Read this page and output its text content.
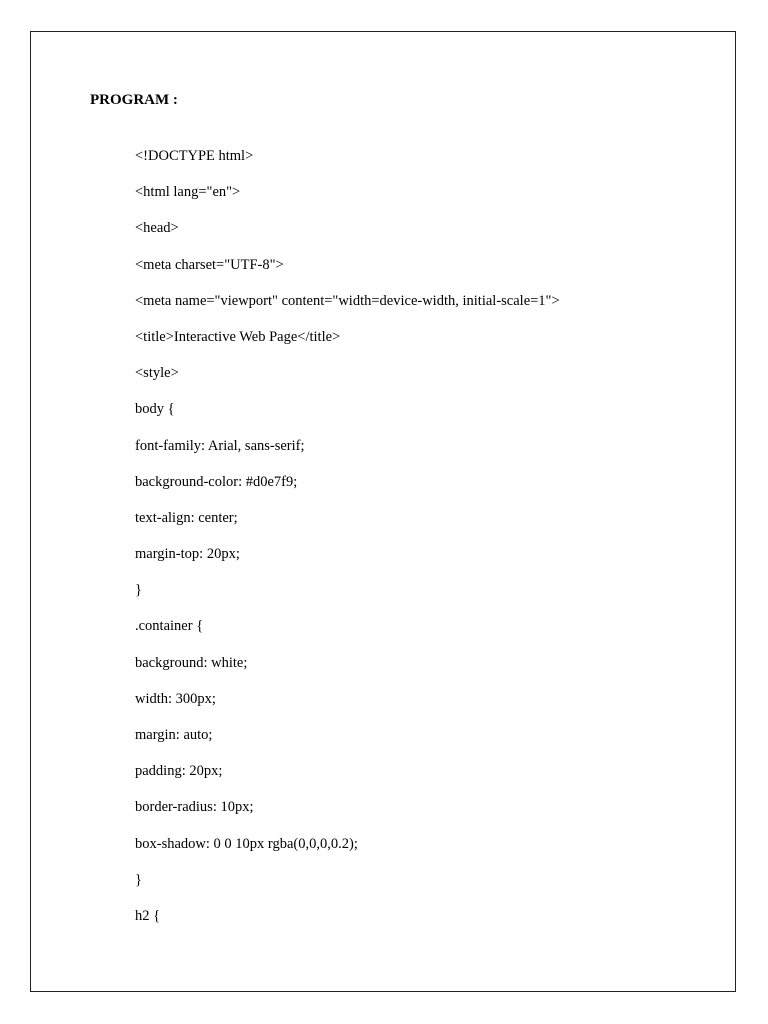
PROGRAM :
<!DOCTYPE html>
<html lang="en">
<head>
<meta charset="UTF-8">
<meta name="viewport" content="width=device-width, initial-scale=1">
<title>Interactive Web Page</title>
<style>
body {
font-family: Arial, sans-serif;
background-color: #d0e7f9;
text-align: center;
margin-top: 20px;
}
.container {
background: white;
width: 300px;
margin: auto;
padding: 20px;
border-radius: 10px;
box-shadow: 0 0 10px rgba(0,0,0,0.2);
}
h2 {
